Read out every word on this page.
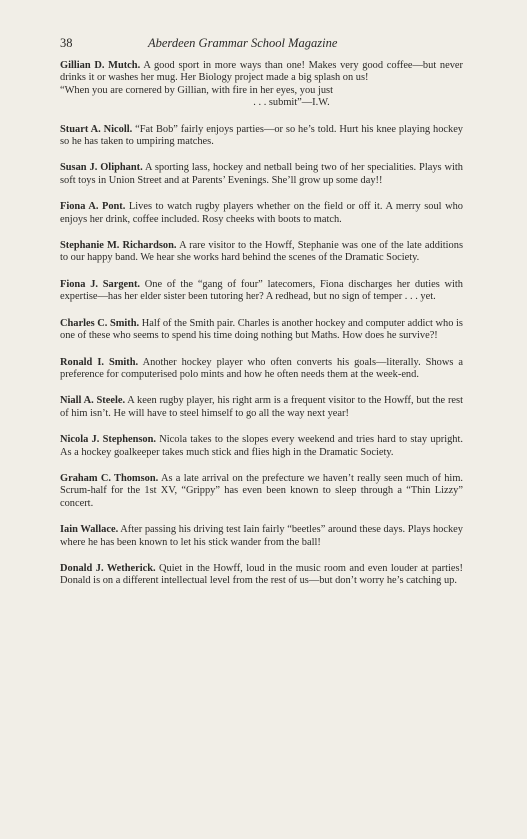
38	Aberdeen Grammar School Magazine

Gillian D. Mutch. A good sport in more ways than one! Makes very good coffee—but never drinks it or washes her mug. Her Biology project made a big splash on us!

“When you are cornered by Gillian, with fire in her eyes, you just

. . . submit”—I.W.

Stuart A. Nicoll. “Fat Bob” fairly enjoys parties—or so he’s told. Hurt his knee playing hockey so he has taken to umpiring matches.

Susan J. Oliphant. A sporting lass, hockey and netball being two of her specialities. Plays with soft toys in Union Street and at Parents’ Evenings. She’ll grow up some day!!

Fiona A. Pont. Lives to watch rugby players whether on the field or off it. A merry soul who enjoys her drink, coffee included. Rosy cheeks with boots to match.

Stephanie M. Richardson. A rare visitor to the Howff, Stephanie was one of the late additions to our happy band. We hear she works hard behind the scenes of the Dramatic Society.

Fiona J. Sargent. One of the “gang of four” latecomers, Fiona discharges her duties with expertise—has her elder sister been tutoring her? A redhead, but no sign of temper . . . yet.

Charles C. Smith. Half of the Smith pair. Charles is another hockey and computer addict who is one of these who seems to spend his time doing nothing but Maths. How does he survive?!

Ronald I. Smith. Another hockey player who often converts his goals—literally. Shows a preference for computerised polo mints and how he often needs them at the week-end.

Niall A. Steele. A keen rugby player, his right arm is a frequent visitor to the Howff, but the rest of him isn’t. He will have to steel himself to go all the way next year!

Nicola J. Stephenson. Nicola takes to the slopes every weekend and tries hard to stay upright. As a hockey goalkeeper takes much stick and flies high in the Dramatic Society.

Graham C. Thomson. As a late arrival on the prefecture we haven’t really seen much of him. Scrum-half for the 1st XV, “Grippy” has even been known to sleep through a “Thin Lizzy” concert.

Iain Wallace. After passing his driving test Iain fairly “beetles” around these days. Plays hockey where he has been known to let his stick wander from the ball!

Donald J. Wetherick. Quiet in the Howff, loud in the music room and even louder at parties! Donald is on a different intellectual level from the rest of us—but don’t worry he’s catching up.
